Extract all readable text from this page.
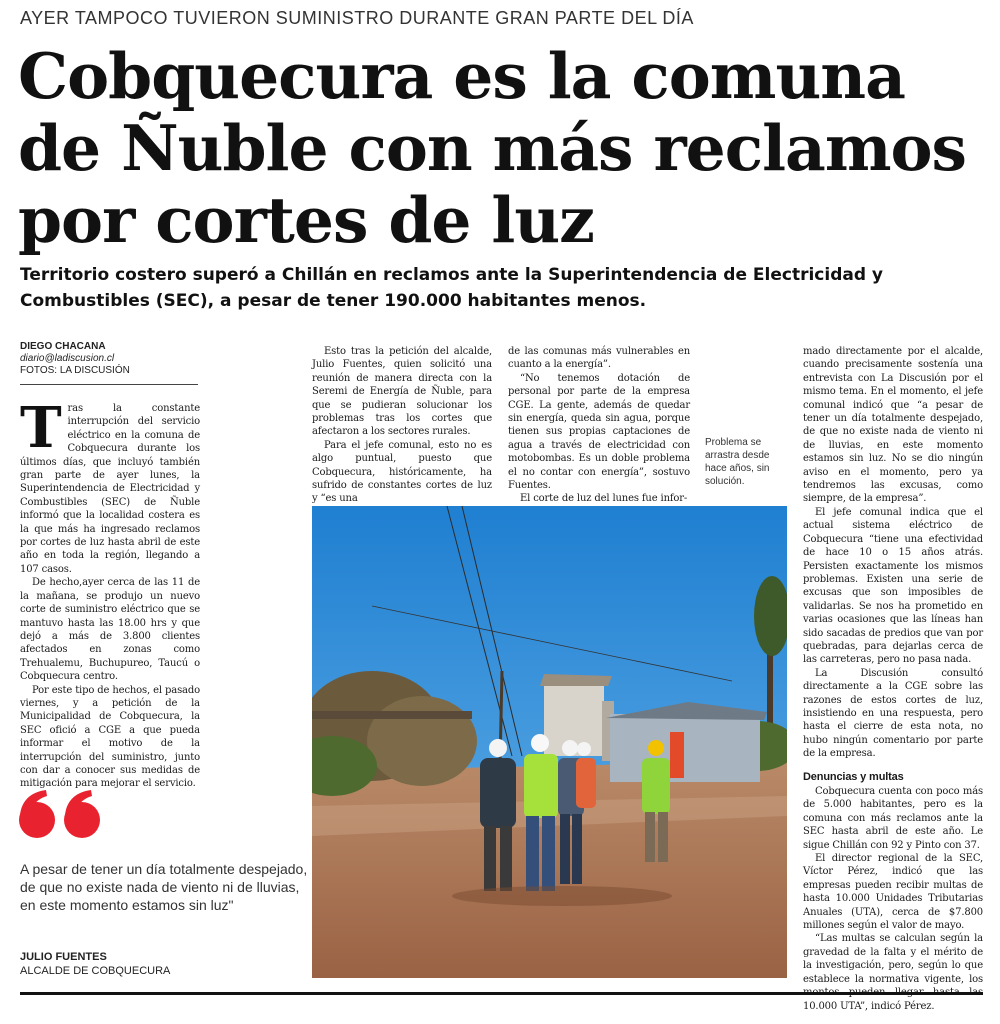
AYER TAMPOCO TUVIERON SUMINISTRO DURANTE GRAN PARTE DEL DÍA
Cobquecura es la comuna
de Ñuble con más reclamos
por cortes de luz
Territorio costero superó a Chillán en reclamos ante la Superintendencia de Electricidad y Combustibles (SEC), a pesar de tener 190.000 habitantes menos.
DIEGO CHACANA
diario@ladiscusion.cl
FOTOS: LA DISCUSIÓN
T ras la constante interrupción del servicio eléctrico en la comuna de Cobquecura durante los últimos días, que incluyó también gran parte de ayer lunes, la Superintendencia de Electricidad y Combustibles (SEC) de Ñuble informó que la localidad costera es la que más ha ingresado reclamos por cortes de luz hasta abril de este año en toda la región, llegando a 107 casos.

De hecho,ayer cerca de las 11 de la mañana, se produjo un nuevo corte de suministro eléctrico que se mantuvo hasta las 18.00 hrs y que dejó a más de 3.800 clientes afectados en zonas como Trehualemu, Buchupureo, Taucú o Cobquecura centro.

Por este tipo de hechos, el pasado viernes, y a petición de la Municipalidad de Cobquecura, la SEC ofició a CGE a que pueda informar el motivo de la interrupción del suministro, junto con dar a conocer sus medidas de mitigación para mejorar el servicio.

Esto tras la petición del alcalde, Julio Fuentes, quien solicitó una reunión de manera directa con la Seremi de Energía de Ñuble, para que se pudieran solucionar los problemas tras los cortes que afectaron a los sectores rurales.

Para el jefe comunal, esto no es algo puntual, puesto que Cobquecura, históricamente, ha sufrido de constantes cortes de luz y “es una

de las comunas más vulnerables en cuanto a la energía”.

“No tenemos dotación de personal por parte de la empresa CGE. La gente, además de quedar sin energía, queda sin agua, porque tienen sus propias captaciones de agua a través de electricidad con motobombas. Es un doble problema el no contar con energía”, sostuvo Fuentes.

El corte de luz del lunes fue infor-

mado directamente por el alcalde, cuando precisamente sostenía una entrevista con La Discusión por el mismo tema. En el momento, el jefe comunal indicó que “a pesar de tener un día totalmente despejado, de que no existe nada de viento ni de lluvias, en este momento estamos sin luz. No se dio ningún aviso en el momento, pero ya tendremos las excusas, como siempre, de la empresa”.

El jefe comunal indica que el actual sistema eléctrico de Cobquecura “tiene una efectividad de hace 10 o 15 años atrás. Persisten exactamente los mismos problemas. Existen una serie de excusas que son imposibles de validarlas. Se nos ha prometido en varias ocasiones que las líneas han sido sacadas de predios que van por quebradas, para dejarlas cerca de las carreteras, pero no pasa nada.

La Discusión consultó directamente a la CGE sobre las razones de estos cortes de luz, insistiendo en una respuesta, pero hasta el cierre de esta nota, no hubo ningún comentario por parte de la empresa.

Denuncias y multas

Cobquecura cuenta con poco más de 5.000 habitantes, pero es la comuna con más reclamos ante la SEC hasta abril de este año. Le sigue Chillán con 92 y Pinto con 37.

El director regional de la SEC, Víctor Pérez, indicó que las empresas pueden recibir multas de hasta 10.000 Unidades Tributarias Anuales (UTA), cerca de $7.800 millones según el valor de mayo.

“Las multas se calculan según la gravedad de la falta y el mérito de la investigación, pero, según lo que establece la normativa vigente, los montos pueden llegar hasta las 10.000 UTA”, indicó Pérez.

A pesar de tener un día totalmente despejado, de que no existe nada de viento ni de lluvias, en este momento estamos sin luz"
JULIO FUENTES
ALCALDE DE COBQUECURA
Problema se arrastra desde hace años, sin solución.
